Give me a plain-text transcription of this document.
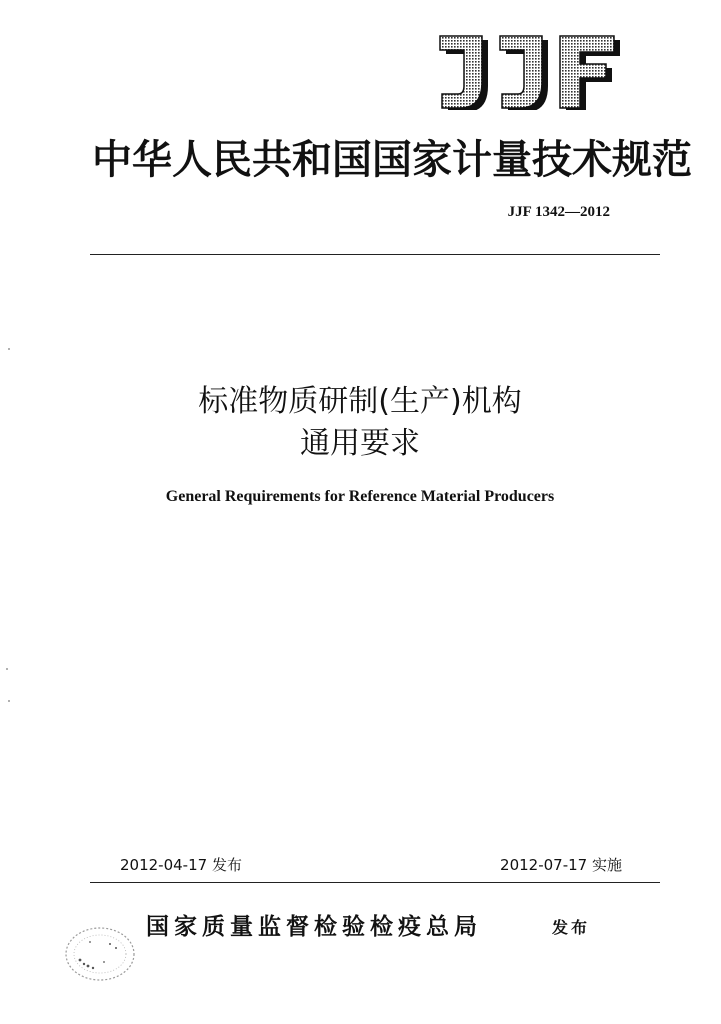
中华人民共和国国家计量技术规范
JJF 1342—2012
标准物质研制(生产)机构
通用要求
General Requirements for Reference Material Producers
2012-04-17 发布	2012-07-17 实施
国家质量监督检验检疫总局	发布
